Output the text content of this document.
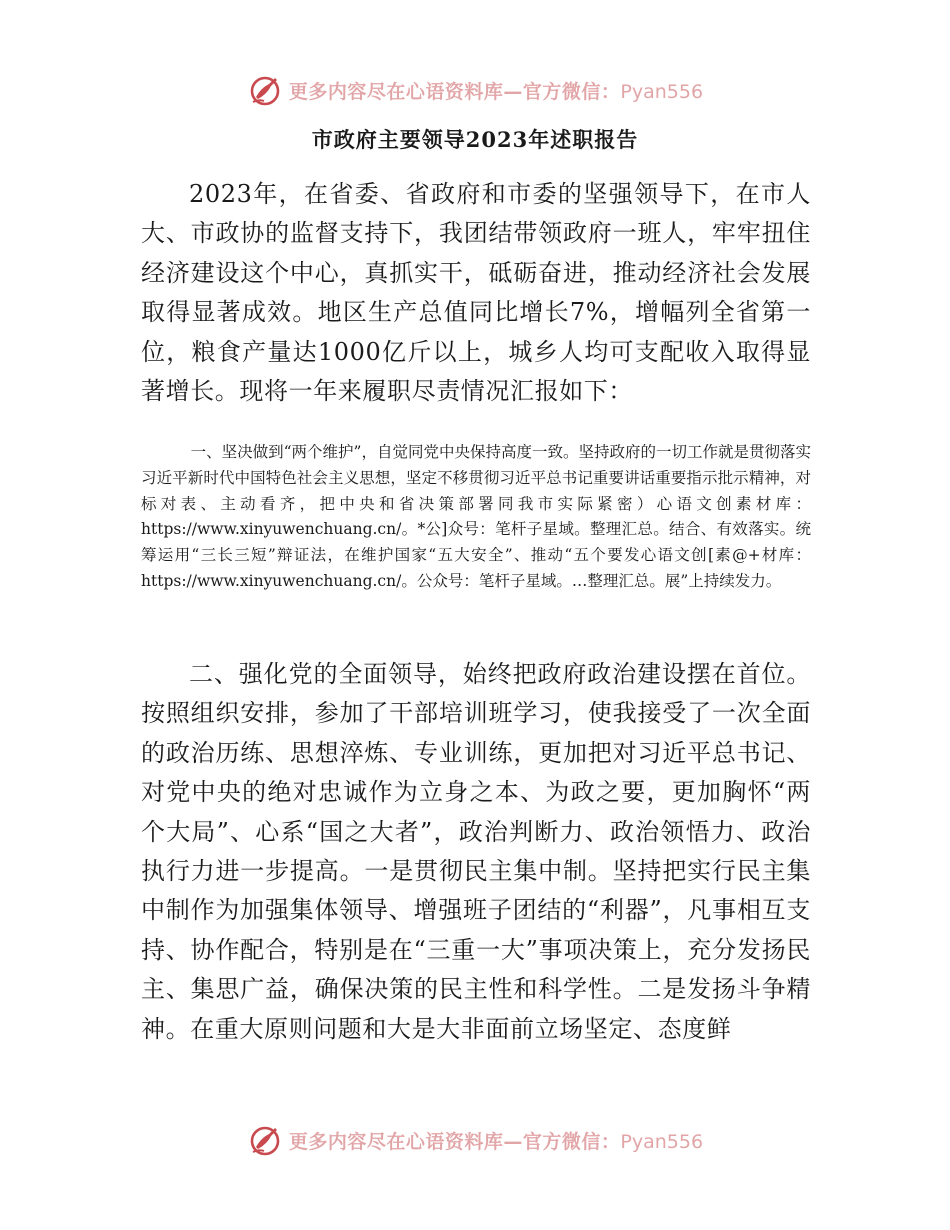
更多内容尽在心语资料库—官方微信：Pyan556
市政府主要领导2023年述职报告

2023年，在省委、省政府和市委的坚强领导下，在市人大、市政协的监督支持下，我团结带领政府一班人，牢牢扭住经济建设这个中心，真抓实干，砥砺奋进，推动经济社会发展取得显著成效。地区生产总值同比增长7%，增幅列全省第一位，粮食产量达1000亿斤以上，城乡人均可支配收入取得显著增长。现将一年来履职尽责情况汇报如下：

一、坚决做到“两个维护”，自觉同党中央保持高度一致。坚持政府的一切工作就是贯彻落实习近平新时代中国特色社会主义思想，坚定不移贯彻习近平总书记重要讲话重要指示批示精神，对标对表、主动看齐，把中央和省决策部署同我市实际紧密）心语文创素材库：https://www.xinyuwenchuang.cn/。*公]众号：笔杆子星域。整理汇总。结合、有效落实。统筹运用“三长三短”辩证法，在维护国家“五大安全”、推动“五个要发心语文创[素@+材库：https://www.xinyuwenchuang.cn/。公众号：笔杆子星域。…整理汇总。展”上持续发力。

二、强化党的全面领导，始终把政府政治建设摆在首位。按照组织安排，参加了干部培训班学习，使我接受了一次全面的政治历练、思想淬炼、专业训练，更加把对习近平总书记、对党中央的绝对忠诚作为立身之本、为政之要，更加胸怀“两个大局”、心系“国之大者”，政治判断力、政治领悟力、政治执行力进一步提高。一是贯彻民主集中制。坚持把实行民主集中制作为加强集体领导、增强班子团结的“利器”，凡事相互支持、协作配合，特别是在“三重一大”事项决策上，充分发扬民主、集思广益，确保决策的民主性和科学性。二是发扬斗争精神。在重大原则问题和大是大非面前立场坚定、态度鲜

更多内容尽在心语资料库—官方微信：Pyan556
